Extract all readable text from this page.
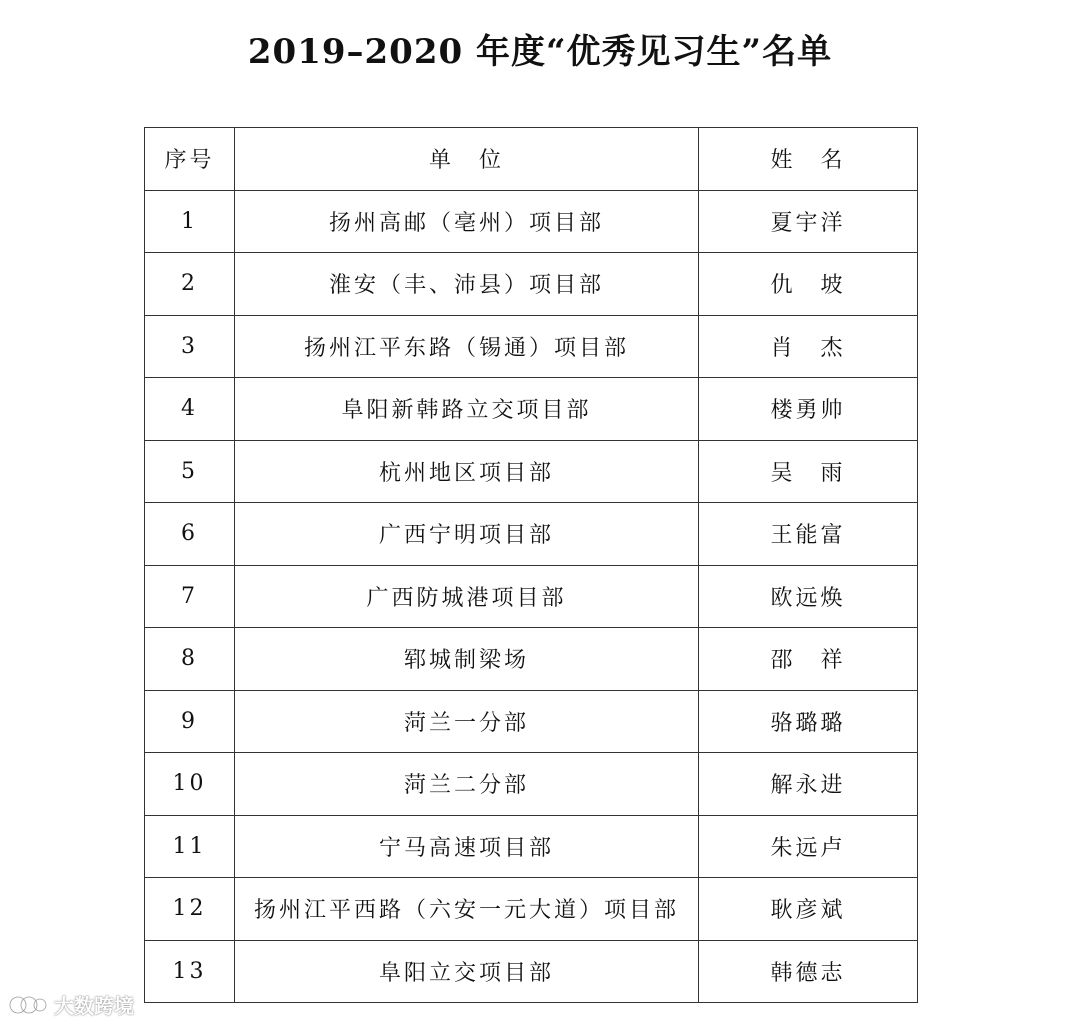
2019–2020 年度“优秀见习生”名单
序号	单　位	姓　名
1	扬州高邮（亳州）项目部	夏宇洋
2	淮安（丰、沛县）项目部	仇　坡
3	扬州江平东路（锡通）项目部	肖　杰
4	阜阳新韩路立交项目部	楼勇帅
5	杭州地区项目部	吴　雨
6	广西宁明项目部	王能富
7	广西防城港项目部	欧远焕
8	郓城制梁场	邵　祥
9	菏兰一分部	骆璐璐
10	菏兰二分部	解永进
11	宁马高速项目部	朱远卢
12	扬州江平西路（六安一元大道）项目部	耿彦斌
13	阜阳立交项目部	韩德志
大数跨境
